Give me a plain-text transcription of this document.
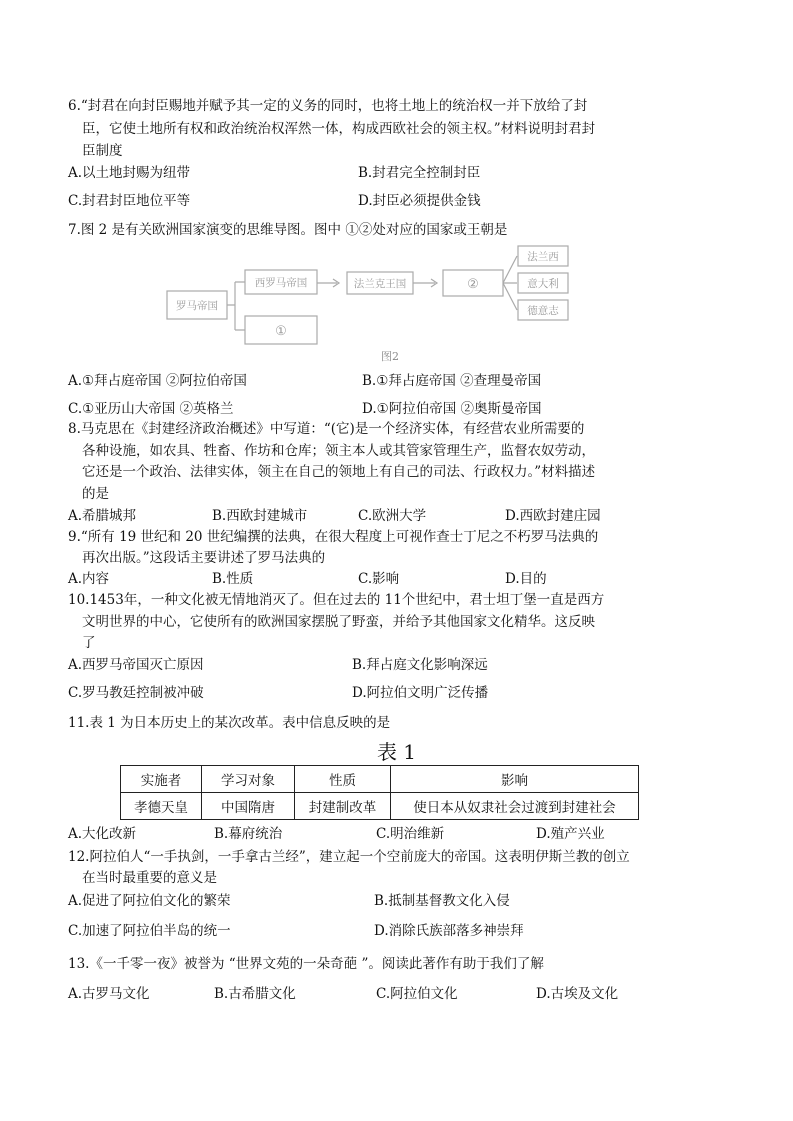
6.“封君在向封臣赐地并赋予其一定的义务的同时，也将土地上的统治权一并下放给了封
臣，它使土地所有权和政治统治权浑然一体，构成西欧社会的领主权。”材料说明封君封
臣制度
A.以土地封赐为纽带	B.封君完全控制封臣
C.封君封臣地位平等	D.封臣必须提供金钱
7.图 2 是有关欧洲国家演变的思维导图。图中 ①②处对应的国家或王朝是
罗马帝国
西罗马帝国
①
法兰克王国	②
法兰西
意大利
德意志
图2
A.①拜占庭帝国 ②阿拉伯帝国	B.①拜占庭帝国 ②查理曼帝国
C.①亚历山大帝国 ②英格兰	D.①阿拉伯帝国 ②奥斯曼帝国
8.马克思在《封建经济政治概述》中写道：“(它)是一个经济实体，有经营农业所需要的
各种设施，如农具、牲畜、作坊和仓库；领主本人或其管家管理生产，监督农奴劳动，
它还是一个政治、法律实体，领主在自己的领地上有自己的司法、行政权力。”材料描述
的是
A.希腊城邦	B.西欧封建城市	C.欧洲大学	D.西欧封建庄园
9.“所有 19 世纪和 20 世纪编撰的法典，在很大程度上可视作查士丁尼之不朽罗马法典的
再次出版。”这段话主要讲述了罗马法典的
A.内容	B.性质	C.影响	D.目的
10.1453年，一种文化被无情地消灭了。但在过去的 11个世纪中，君士坦丁堡一直是西方
文明世界的中心，它使所有的欧洲国家摆脱了野蛮，并给予其他国家文化精华。这反映
了
A.西罗马帝国灭亡原因	B.拜占庭文化影响深远
C.罗马教廷控制被冲破	D.阿拉伯文明广泛传播
11.表 1 为日本历史上的某次改革。表中信息反映的是
表 1
实施者	学习对象	性质	影响
孝德天皇	中国隋唐	封建制改革	使日本从奴隶社会过渡到封建社会
A.大化改新	B.幕府统治	C.明治维新	D.殖产兴业
12.阿拉伯人“一手执剑，一手拿古兰经”，建立起一个空前庞大的帝国。这表明伊斯兰教的创立
在当时最重要的意义是
A.促进了阿拉伯文化的繁荣	B.抵制基督教文化入侵
C.加速了阿拉伯半岛的统一	D.消除氏族部落多神崇拜
13.《一千零一夜》被誉为 “世界文苑的一朵奇葩 ”。阅读此著作有助于我们了解
A.古罗马文化	B.古希腊文化	C.阿拉伯文化	D.古埃及文化
